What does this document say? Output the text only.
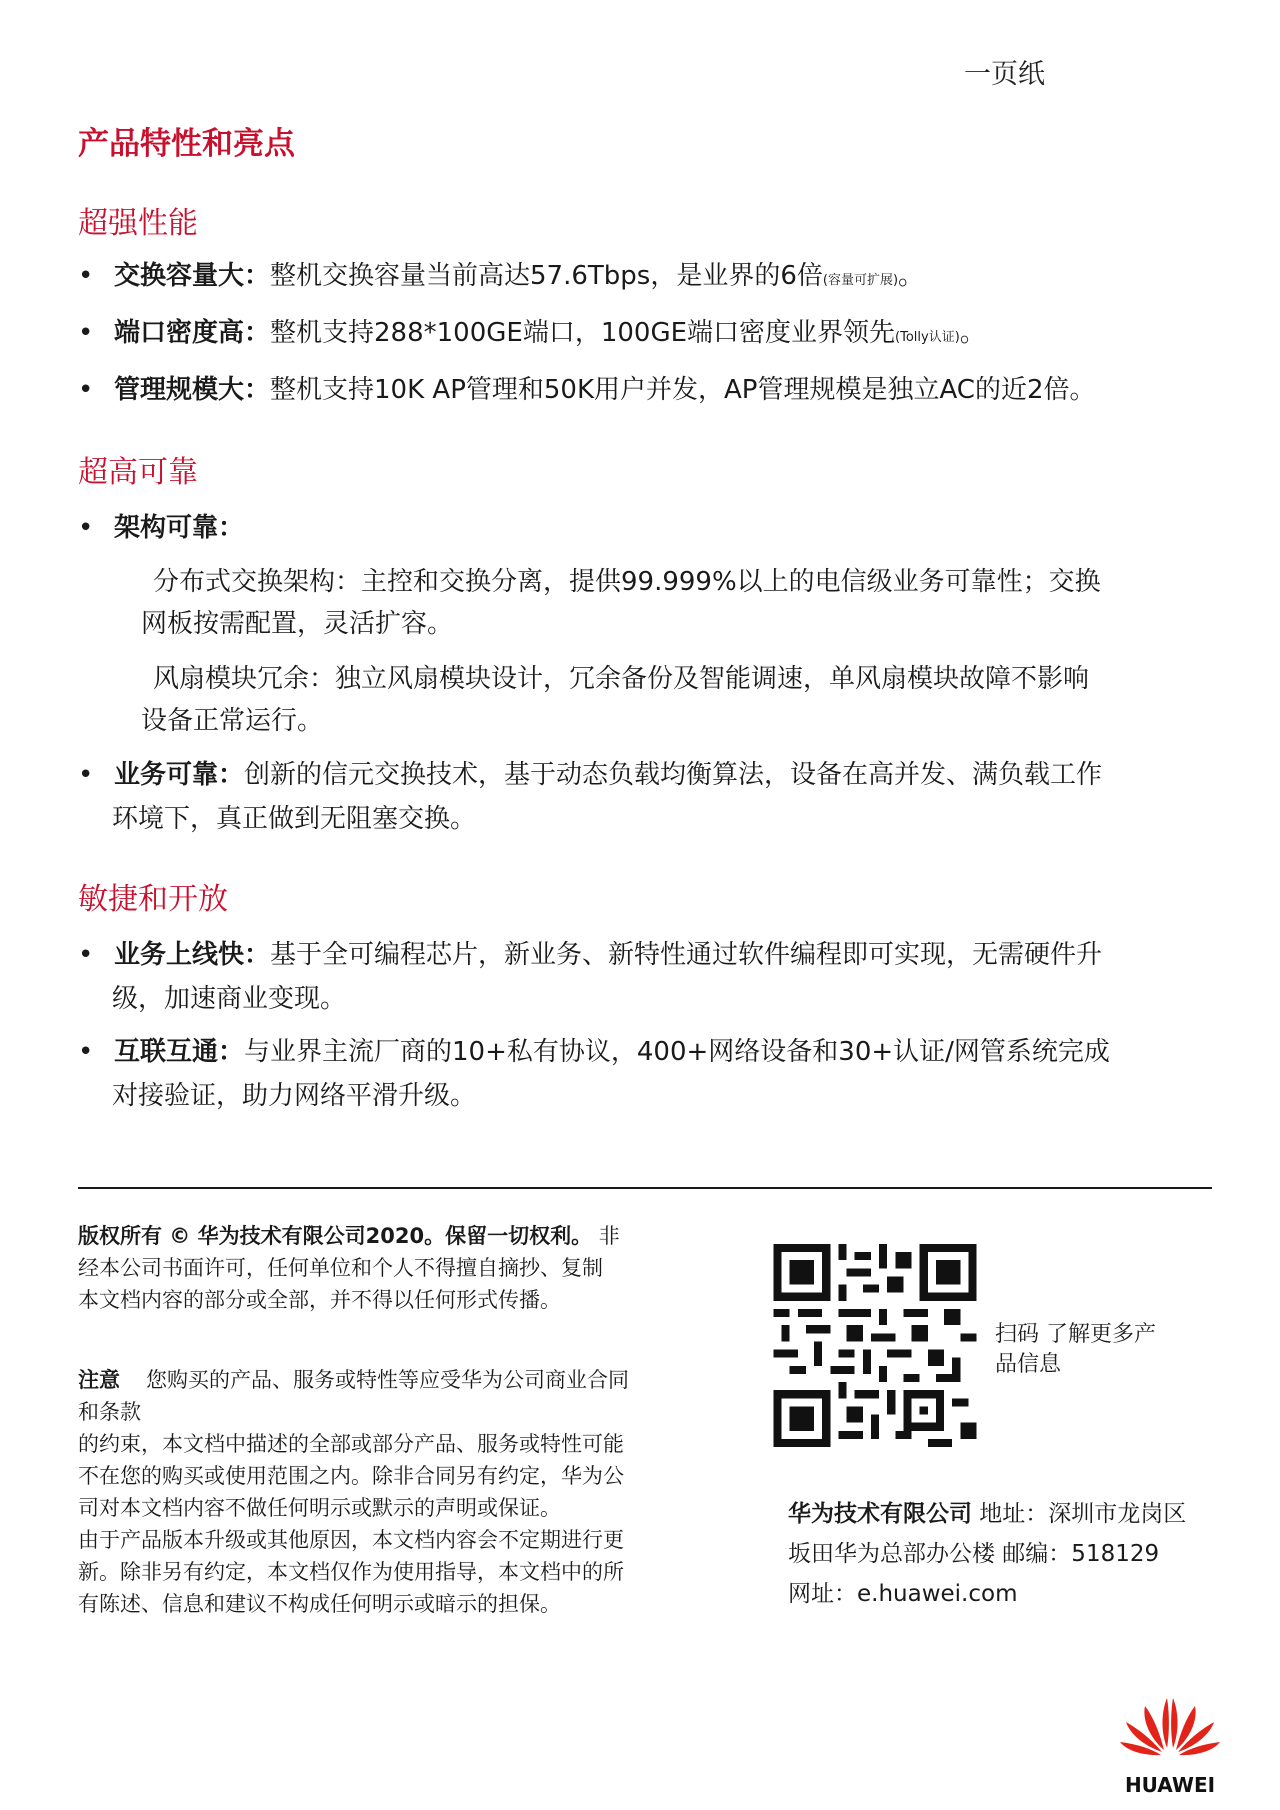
一页纸
产品特性和亮点
超强性能
• 交换容量大：整机交换容量当前高达57.6Tbps，是业界的6倍(容量可扩展)。
• 端口密度高：整机支持288*100GE端口，100GE端口密度业界领先(Tolly认证)。
• 管理规模大：整机支持10K AP管理和50K用户并发，AP管理规模是独立AC的近2倍。
超高可靠
• 架构可靠：
分布式交换架构：主控和交换分离，提供99.999%以上的电信级业务可靠性；交换
网板按需配置，灵活扩容。
风扇模块冗余：独立风扇模块设计，冗余备份及智能调速，单风扇模块故障不影响
设备正常运行。
• 业务可靠：创新的信元交换技术，基于动态负载均衡算法，设备在高并发、满负载工作
环境下，真正做到无阻塞交换。
敏捷和开放
• 业务上线快：基于全可编程芯片，新业务、新特性通过软件编程即可实现，无需硬件升
级，加速商业变现。
• 互联互通：与业界主流厂商的10+私有协议，400+网络设备和30+认证/网管系统完成
对接验证，助力网络平滑升级。
版权所有 © 华为技术有限公司2020。保留一切权利。 非
经本公司书面许可，任何单位和个人不得擅自摘抄、复制
本文档内容的部分或全部，并不得以任何形式传播。
注意 您购买的产品、服务或特性等应受华为公司商业合同
和条款
的约束，本文档中描述的全部或部分产品、服务或特性可能
不在您的购买或使用范围之内。除非合同另有约定，华为公
司对本文档内容不做任何明示或默示的声明或保证。
由于产品版本升级或其他原因，本文档内容会不定期进行更
新。除非另有约定，本文档仅作为使用指导，本文档中的所
有陈述、信息和建议不构成任何明示或暗示的担保。
扫码 了解更多产
品信息
华为技术有限公司 地址：深圳市龙岗区
坂田华为总部办公楼 邮编：518129
网址：e.huawei.com
HUAWEI
